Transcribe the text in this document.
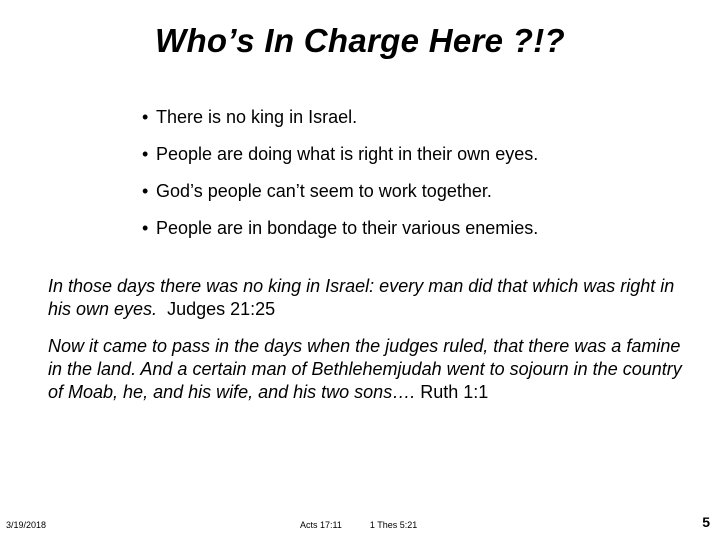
Who’s In Charge Here ?!?
• There is no king in Israel.
• People are doing what is right in their own eyes.
• God’s people can’t seem to work together.
• People are in bondage to their various enemies.

In those days there was no king in Israel: every man did that which was right in his own eyes. Judges 21:25

Now it came to pass in the days when the judges ruled, that there was a famine in the land. And a certain man of Bethlehemjudah went to sojourn in the country of Moab, he, and his wife, and his two sons…. Ruth 1:1

3/19/2018	Acts 17:11	1 Thes 5:21	5
